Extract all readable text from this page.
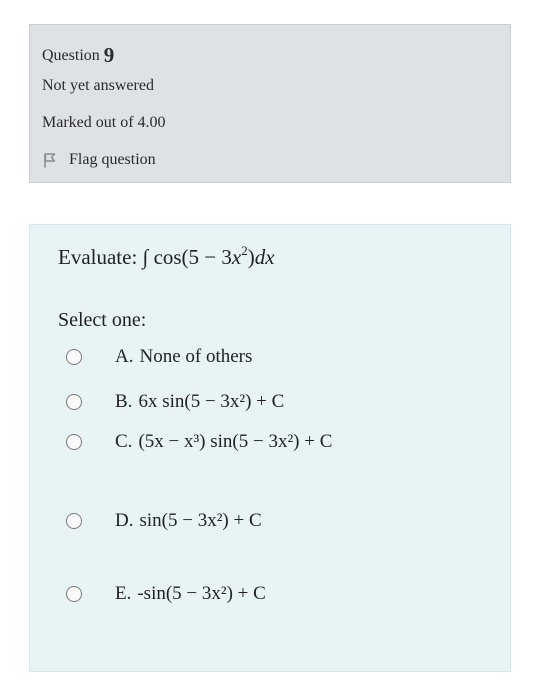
Question 9
Not yet answered
Marked out of 4.00
Flag question
Evaluate: ∫ $\cos(5 - 3x^2)dx$
Select one:
A. None of others
B. 6x sin(5 − 3x²) + C
C. (5x − x³) sin(5 − 3x²) + C
D. sin(5 − 3x²) + C
E. -sin(5 − 3x²) + C
